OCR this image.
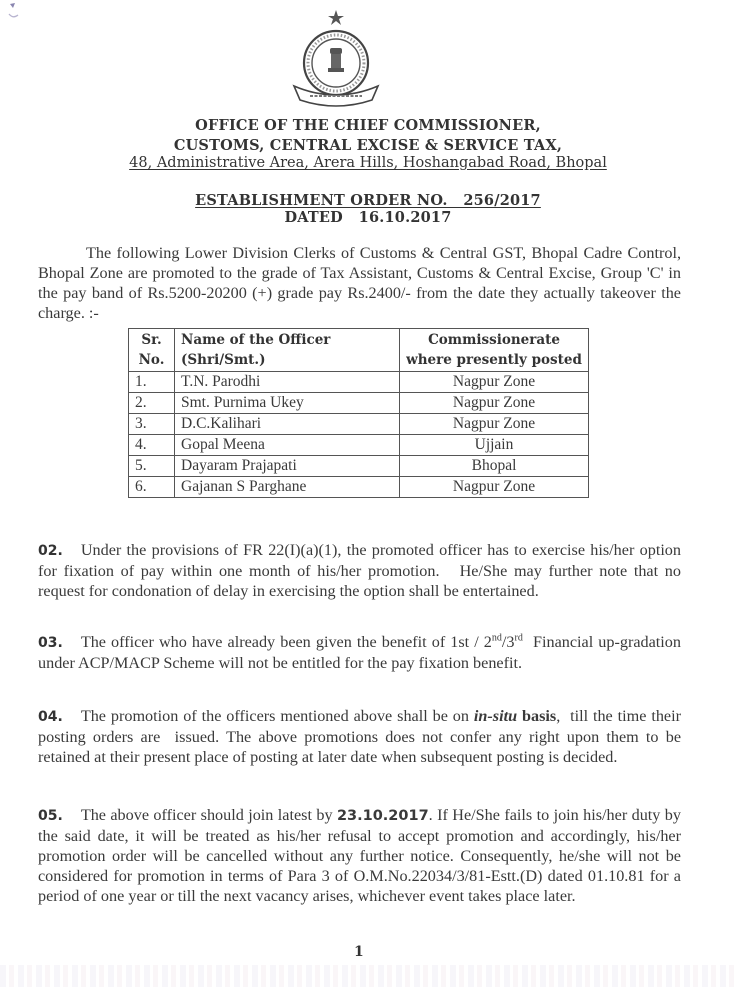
OFFICE OF THE CHIEF COMMISSIONER,
CUSTOMS, CENTRAL EXCISE & SERVICE TAX,
48, Administrative Area, Arera Hills, Hoshangabad Road, Bhopal
ESTABLISHMENT ORDER NO.   256/2017
DATED   16.10.2017
The following Lower Division Clerks of Customs & Central GST, Bhopal Cadre Control, Bhopal Zone are promoted to the grade of Tax Assistant, Customs & Central Excise, Group 'C' in the pay band of Rs.5200-20200 (+) grade pay Rs.2400/- from the date they actually takeover the charge. :-
Sr. No.	Name of the Officer (Shri/Smt.)	Commissionerate where presently posted
1.	T.N. Parodhi	Nagpur Zone
2.	Smt. Purnima Ukey	Nagpur Zone
3.	D.C.Kalihari	Nagpur Zone
4.	Gopal Meena	Ujjain
5.	Dayaram Prajapati	Bhopal
6.	Gajanan S Parghane	Nagpur Zone
02. Under the provisions of FR 22(I)(a)(1), the promoted officer has to exercise his/her option for fixation of pay within one month of his/her promotion.   He/She may further note that no request for condonation of delay in exercising the option shall be entertained.
03. The officer who have already been given the benefit of 1st / 2nd/3rd  Financial up-gradation under ACP/MACP Scheme will not be entitled for the pay fixation benefit.
04. The promotion of the officers mentioned above shall be on in-situ basis,  till the time their posting orders are  issued. The above promotions does not confer any right upon them to be retained at their present place of posting at later date when subsequent posting is decided.
05. The above officer should join latest by 23.10.2017. If He/She fails to join his/her duty by the said date, it will be treated as his/her refusal to accept promotion and accordingly, his/her promotion order will be cancelled without any further notice. Consequently, he/she will not be considered for promotion in terms of Para 3 of O.M.No.22034/3/81-Estt.(D) dated 01.10.81 for a period of one year or till the next vacancy arises, whichever event takes place later.
1
